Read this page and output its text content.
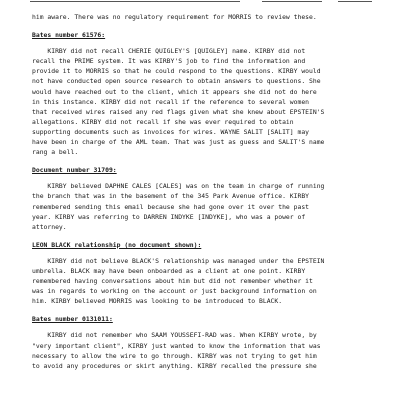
him aware. There was no regulatory requirement for MORRIS to review these.
Bates number 61576:
KIRBY did not recall CHERIE QUIGLEY'S [QUIGLEY] name. KIRBY did not
recall the PRIME system. It was KIRBY'S job to find the information and
provide it to MORRIS so that he could respond to the questions. KIRBY would
not have conducted open source research to obtain answers to questions. She
would have reached out to the client, which it appears she did not do here
in this instance. KIRBY did not recall if the reference to several women
that received wires raised any red flags given what she knew about EPSTEIN'S
allegations. KIRBY did not recall if she was ever required to obtain
supporting documents such as invoices for wires. WAYNE SALIT [SALIT] may
have been in charge of the AML team. That was just as guess and SALIT'S name
rang a bell.
Document number 31709:
KIRBY believed DAPHNE CALES [CALES] was on the team in charge of running
the branch that was in the basement of the 345 Park Avenue office. KIRBY
remembered sending this email because she had gone over it over the past
year. KIRBY was referring to DARREN INDYKE [INDYKE], who was a power of
attorney.
LEON BLACK relationship (no document shown):
KIRBY did not believe BLACK'S relationship was managed under the EPSTEIN
umbrella. BLACK may have been onboarded as a client at one point. KIRBY
remembered having conversations about him but did not remember whether it
was in regards to working on the account or just background information on
him. KIRBY believed MORRIS was looking to be introduced to BLACK.
Bates number 0131011:
KIRBY did not remember who SAAM YOUSSEFI-RAD was. When KIRBY wrote, by
"very important client", KIRBY just wanted to know the information that was
necessary to allow the wire to go through. KIRBY was not trying to get him
to avoid any procedures or skirt anything. KIRBY recalled the pressure she
